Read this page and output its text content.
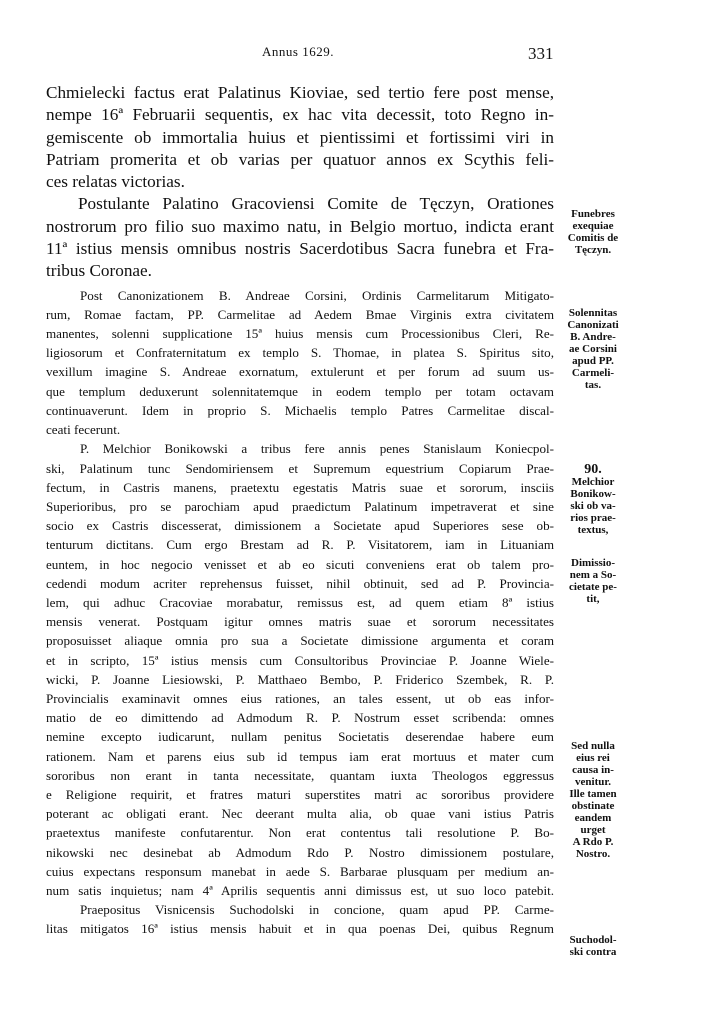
Annus 1629.	331
Chmielecki factus erat Palatinus Kioviae, sed tertio fere post mense,
nempe 16ª Februarii sequentis, ex hac vita decessit, toto Regno in-
gemiscente ob immortalia huius et pientissimi et fortissimi viri in
Patriam promerita et ob varias per quatuor annos ex Scythis feli-
ces relatas victorias.
Postulante Palatino Gracoviensi Comite de Tęczyn, Orationes
nostrorum pro filio suo maximo natu, in Belgio mortuo, indicta erant
11ª istius mensis omnibus nostris Sacerdotibus Sacra funebra et Fra-
tribus Coronae.
Post Canonizationem B. Andreae Corsini, Ordinis Carmelitarum Mitigato-
rum, Romae factam, PP. Carmelitae ad Aedem Bmae Virginis extra civitatem
manentes, solenni supplicatione 15ª huius mensis cum Processionibus Cleri, Re-
ligiosorum et Confraternitatum ex templo S. Thomae, in platea S. Spiritus sito,
vexillum imagine S. Andreae exornatum, extulerunt et per forum ad suum us-
que templum deduxerunt solennitatemque in eodem templo per totam octavam
continuaverunt. Idem in proprio S. Michaelis templo Patres Carmelitae discal-
ceati fecerunt.
P. Melchior Bonikowski a tribus fere annis penes Stanislaum Koniecpol-
ski, Palatinum tunc Sendomiriensem et Supremum equestrium Copiarum Prae-
fectum, in Castris manens, praetextu egestatis Matris suae et sororum, insciis
Superioribus, pro se parochiam apud praedictum Palatinum impetraverat et sine
socio ex Castris discesserat, dimissionem a Societate apud Superiores sese ob-
tenturum dictitans. Cum ergo Brestam ad R. P. Visitatorem, iam in Lituaniam
euntem, in hoc negocio venisset et ab eo sicuti conveniens erat ob talem pro-
cedendi modum acriter reprehensus fuisset, nihil obtinuit, sed ad P. Provincia-
lem, qui adhuc Cracoviae morabatur, remissus est, ad quem etiam 8ª istius
mensis venerat. Postquam igitur omnes matris suae et sororum necessitates
proposuisset aliaque omnia pro sua a Societate dimissione argumenta et coram
et in scripto, 15ª istius mensis cum Consultoribus Provinciae P. Joanne Wiele-
wicki, P. Joanne Liesiowski, P. Matthaeo Bembo, P. Friderico Szembek, R. P.
Provincialis examinavit omnes eius rationes, an tales essent, ut ob eas infor-
matio de eo dimittendo ad Admodum R. P. Nostrum esset scribenda: omnes
nemine excepto iudicarunt, nullam penitus Societatis deserendae habere eum
rationem. Nam et parens eius sub id tempus iam erat mortuus et mater cum
sororibus non erant in tanta necessitate, quantam iuxta Theologos eggressus
e Religione requirit, et fratres maturi superstites matri ac sororibus providere
poterant ac obligati erant. Nec deerant multa alia, ob quae vani istius Patris
praetextus manifeste confutarentur. Non erat contentus tali resolutione P. Bo-
nikowski nec desinebat ab Admodum Rdo P. Nostro dimissionem postulare,
cuius expectans responsum manebat in aede S. Barbarae plusquam per medium an-
num satis inquietus; nam 4ª Aprilis sequentis anni dimissus est, ut suo loco patebit.
Praepositus Visnicensis Suchodolski in concione, quam apud PP. Carme-
litas mitigatos 16ª istius mensis habuit et in qua poenas Dei, quibus Regnum
Funebres
exequiae
Comitis de
Tęczyn.
Solennitas
Canonizati
B. Andre-
ae Corsini
apud PP.
Carmeli-
tas.
90.
Melchior
Bonikow-
ski ob va-
rios prae-
textus,
Dimissio-
nem a So-
cietate pe-
tit,
Sed nulla
eius rei
causa in-
venitur.
Ille tamen
obstinate
eandem
urget
A Rdo P.
Nostro.
Suchodol-
ski contra
